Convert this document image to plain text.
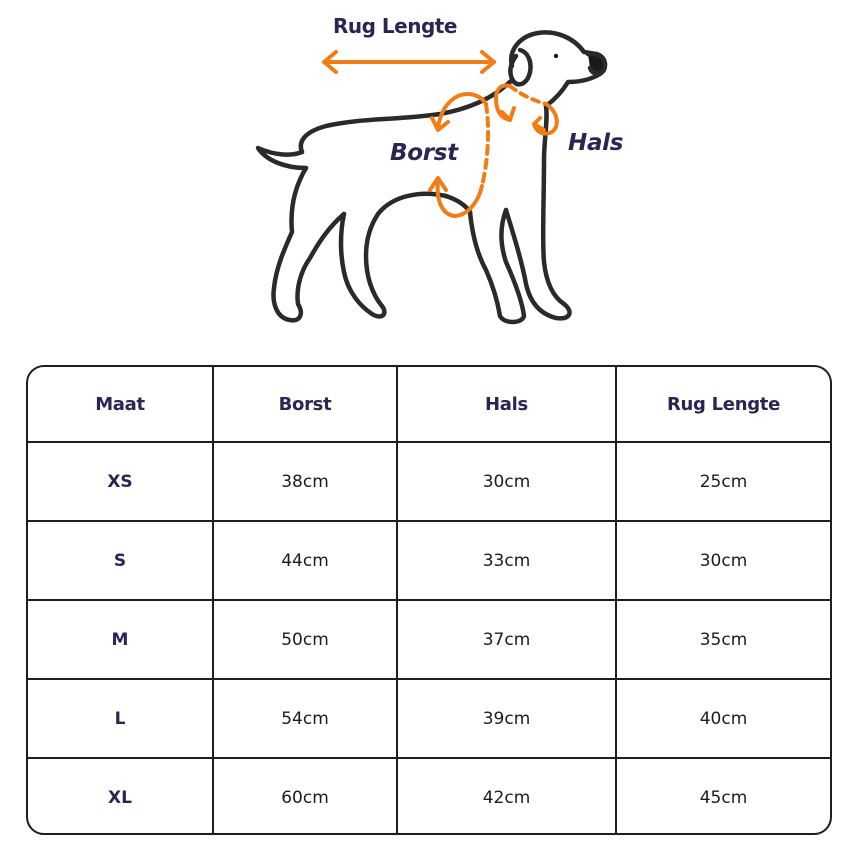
Rug Lengte
Borst	Hals
Maat	Borst	Hals	Rug Lengte
XS	38cm	30cm	25cm
S	44cm	33cm	30cm
M	50cm	37cm	35cm
L	54cm	39cm	40cm
XL	60cm	42cm	45cm
